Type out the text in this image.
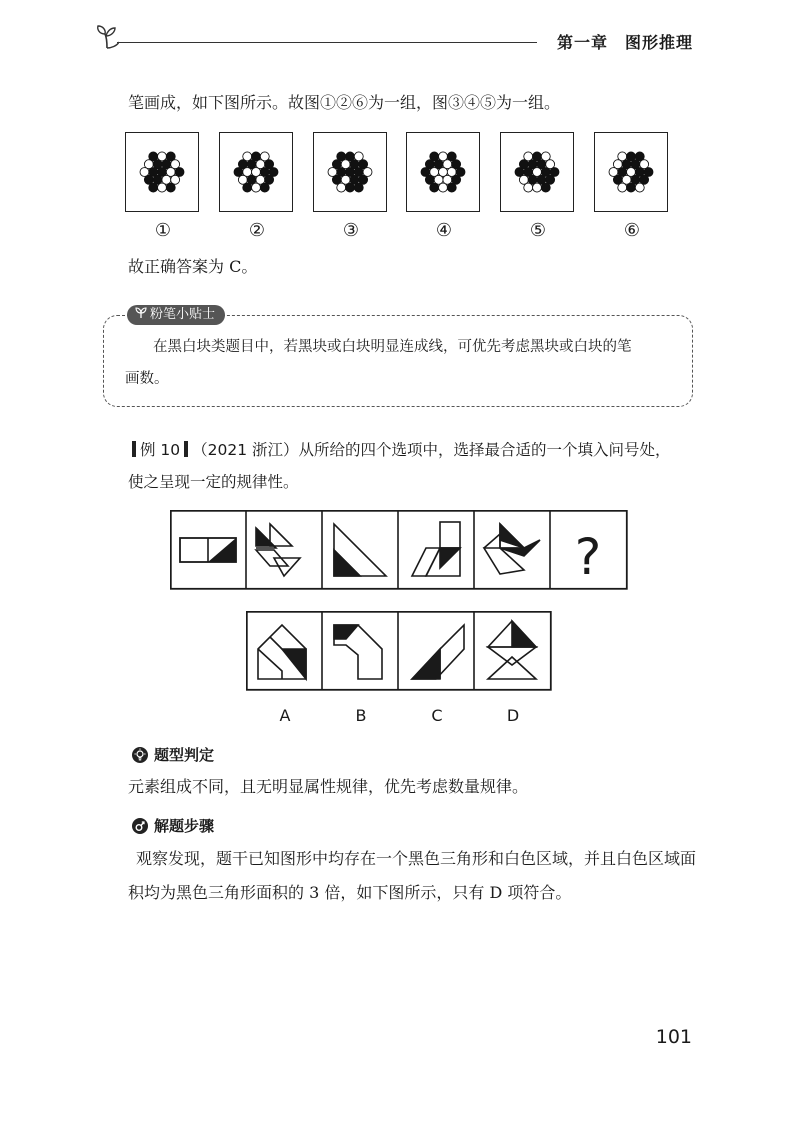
第一章　图形推理
笔画成，如下图所示。故图①②⑥为一组，图③④⑤为一组。
①	②	③	④	⑤	⑥
故正确答案为 C。
粉笔小贴士
在黑白块类题目中，若黑块或白块明显连成线，可优先考虑黑块或白块的笔
画数。
例 10 （2021 浙江）从所给的四个选项中，选择最合适的一个填入问号处，
使之呈现一定的规律性。
?
A	B	C	D
题型判定
元素组成不同，且无明显属性规律，优先考虑数量规律。
解题步骤
观察发现，题干已知图形中均存在一个黑色三角形和白色区域，并且白色区域面
积均为黑色三角形面积的 3 倍，如下图所示，只有 D 项符合。
101
